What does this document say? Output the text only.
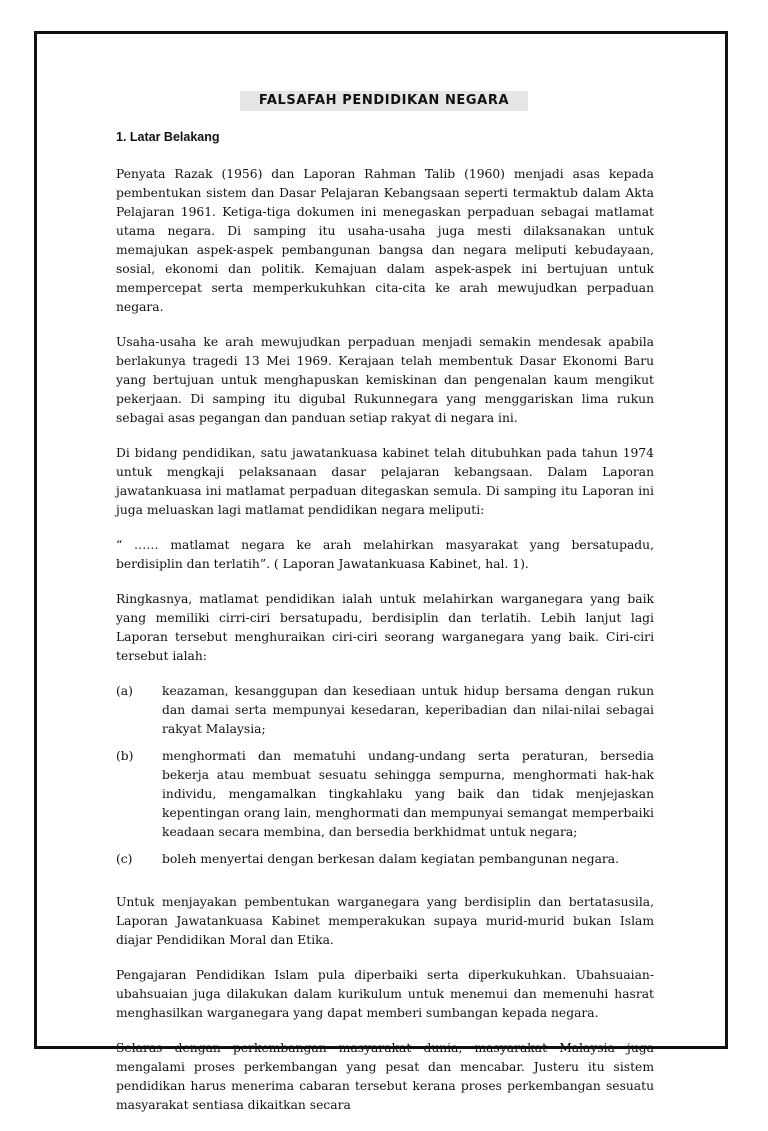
FALSAFAH PENDIDIKAN NEGARA
1. Latar Belakang

Penyata Razak (1956) dan Laporan Rahman Talib (1960) menjadi asas kepada pembentukan sistem dan Dasar Pelajaran Kebangsaan seperti termaktub dalam Akta Pelajaran 1961. Ketiga-tiga dokumen ini menegaskan perpaduan sebagai matlamat utama negara. Di samping itu usaha-usaha juga mesti dilaksanakan untuk memajukan aspek-aspek pembangunan bangsa dan negara meliputi kebudayaan, sosial, ekonomi dan politik. Kemajuan dalam aspek-aspek ini bertujuan untuk mempercepat serta memperkukuhkan cita-cita ke arah mewujudkan perpaduan negara.

Usaha-usaha ke arah mewujudkan perpaduan menjadi semakin mendesak apabila berlakunya tragedi 13 Mei 1969. Kerajaan telah membentuk Dasar Ekonomi Baru yang bertujuan untuk menghapuskan kemiskinan dan pengenalan kaum mengikut pekerjaan. Di samping itu digubal Rukunnegara yang menggariskan lima rukun sebagai asas pegangan dan panduan setiap rakyat di negara ini.

Di bidang pendidikan, satu jawatankuasa kabinet telah ditubuhkan pada tahun 1974 untuk mengkaji pelaksanaan dasar pelajaran kebangsaan. Dalam Laporan jawatankuasa ini matlamat perpaduan ditegaskan semula. Di samping itu Laporan ini juga meluaskan lagi matlamat pendidikan negara meliputi:

“ …… matlamat negara ke arah melahirkan masyarakat yang bersatupadu, berdisiplin dan terlatih”. ( Laporan Jawatankuasa Kabinet, hal. 1).

Ringkasnya, matlamat pendidikan ialah untuk melahirkan warganegara yang baik yang memiliki cirri-ciri bersatupadu, berdisiplin dan terlatih. Lebih lanjut lagi Laporan tersebut menghuraikan ciri-ciri seorang warganegara yang baik. Ciri-ciri tersebut ialah:

(a)	keazaman, kesanggupan dan kesediaan untuk hidup bersama dengan rukun dan damai serta mempunyai kesedaran, keperibadian dan nilai-nilai sebagai rakyat Malaysia;
(b)	menghormati dan mematuhi undang-undang serta peraturan, bersedia bekerja atau membuat sesuatu sehingga sempurna, menghormati hak-hak individu, mengamalkan tingkahlaku yang baik dan tidak menjejaskan kepentingan orang lain, menghormati dan mempunyai semangat memperbaiki keadaan secara membina, dan bersedia berkhidmat untuk negara;
(c)	boleh menyertai dengan berkesan dalam kegiatan pembangunan negara.

Untuk menjayakan pembentukan warganegara yang berdisiplin dan bertatasusila, Laporan Jawatankuasa Kabinet memperakukan supaya murid-murid bukan Islam diajar Pendidikan Moral dan Etika.

Pengajaran Pendidikan Islam pula diperbaiki serta diperkukuhkan. Ubahsuaian-ubahsuaian juga dilakukan dalam kurikulum untuk menemui dan memenuhi hasrat menghasilkan warganegara yang dapat memberi sumbangan kepada negara.

Selaras dengan perkembangan masyarakat dunia, masyarakat Malaysia juga mengalami proses perkembangan yang pesat dan mencabar. Justeru itu sistem pendidikan harus menerima cabaran tersebut kerana proses perkembangan sesuatu masyarakat sentiasa dikaitkan secara
